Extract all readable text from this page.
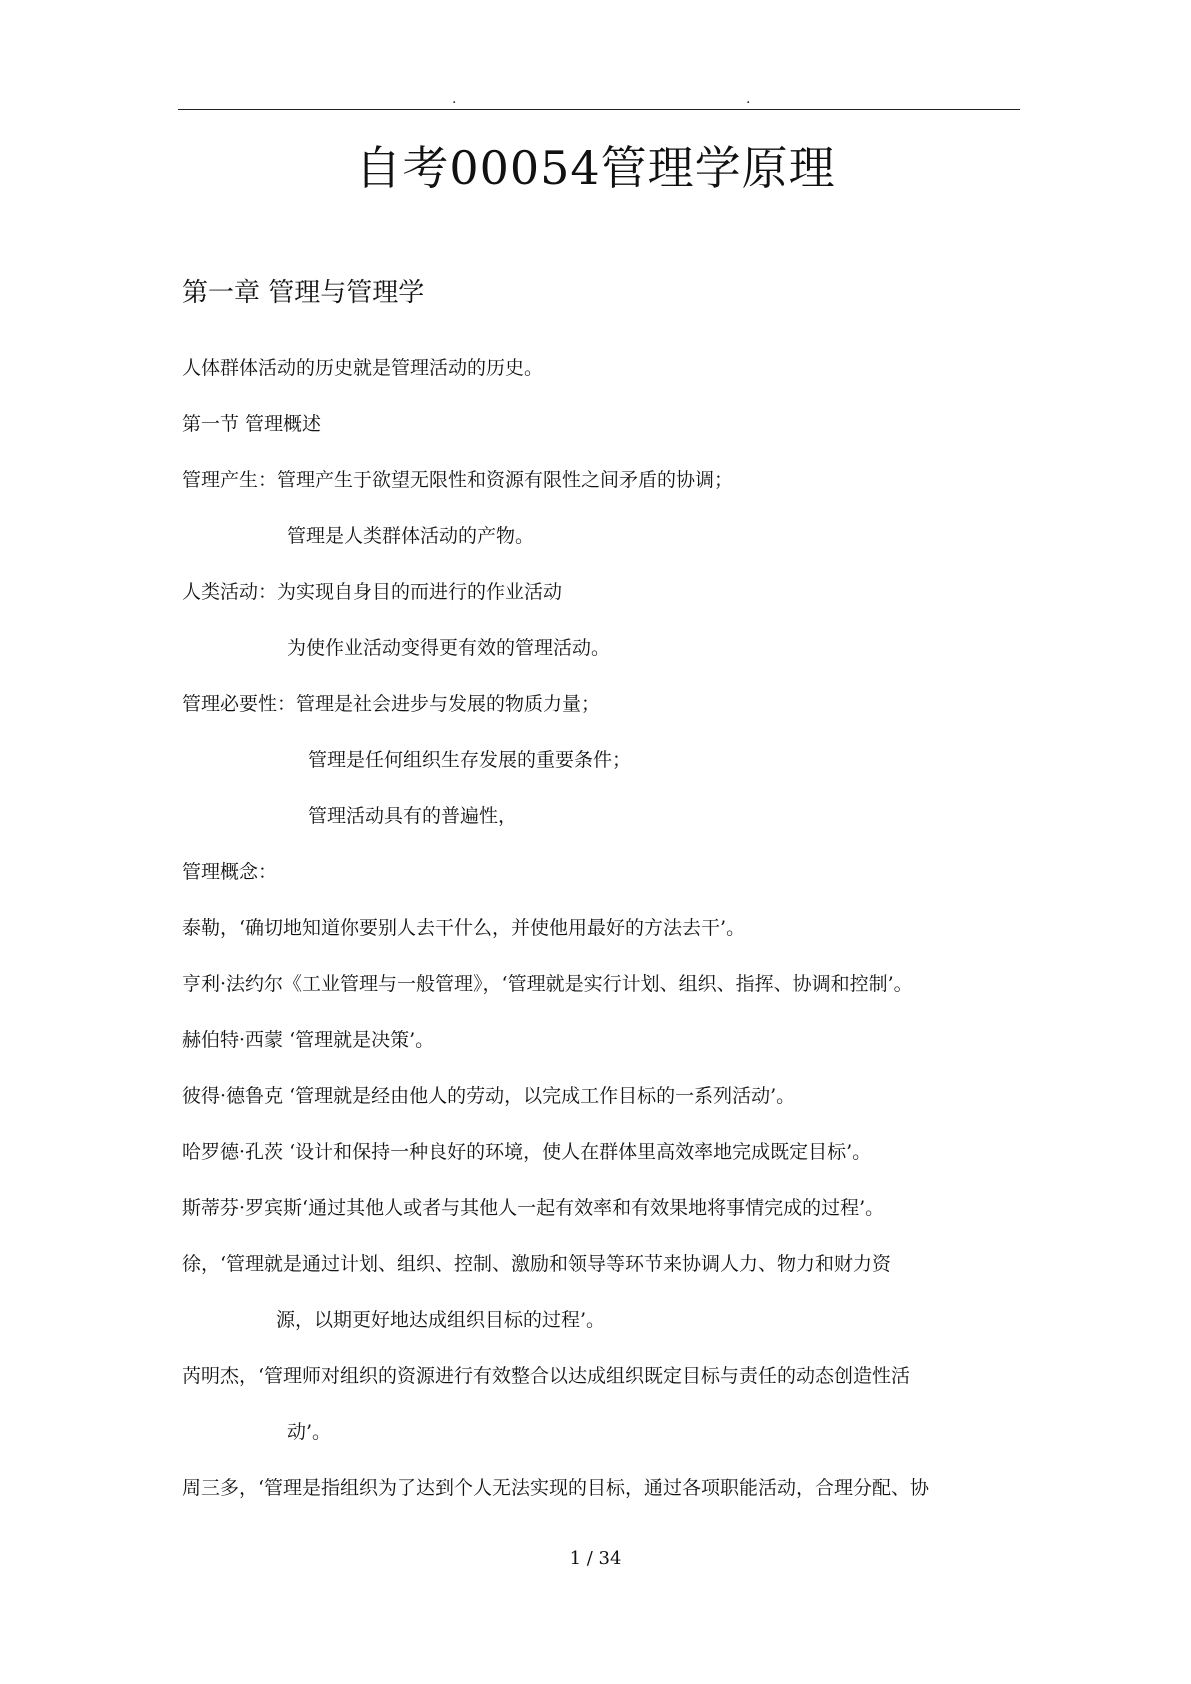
.	.
自考00054管理学原理
第一章 管理与管理学
人体群体活动的历史就是管理活动的历史。
第一节 管理概述
管理产生：管理产生于欲望无限性和资源有限性之间矛盾的协调；
管理是人类群体活动的产物。
人类活动：为实现自身目的而进行的作业活动
为使作业活动变得更有效的管理活动。
管理必要性：管理是社会进步与发展的物质力量；
管理是任何组织生存发展的重要条件；
管理活动具有的普遍性，
管理概念：
泰勒，‘确切地知道你要别人去干什么，并使他用最好的方法去干’。
亨利·法约尔《工业管理与一般管理》，‘管理就是实行计划、组织、指挥、协调和控制’。
赫伯特·西蒙 ‘管理就是决策’。
彼得·德鲁克 ‘管理就是经由他人的劳动，以完成工作目标的一系列活动’。
哈罗德·孔茨 ‘设计和保持一种良好的环境，使人在群体里高效率地完成既定目标’。
斯蒂芬·罗宾斯‘通过其他人或者与其他人一起有效率和有效果地将事情完成的过程’。
徐，‘管理就是通过计划、组织、控制、激励和领导等环节来协调人力、物力和财力资
源，以期更好地达成组织目标的过程’。
芮明杰，‘管理师对组织的资源进行有效整合以达成组织既定目标与责任的动态创造性活
动’。
周三多，‘管理是指组织为了达到个人无法实现的目标，通过各项职能活动，合理分配、协
1 / 34
